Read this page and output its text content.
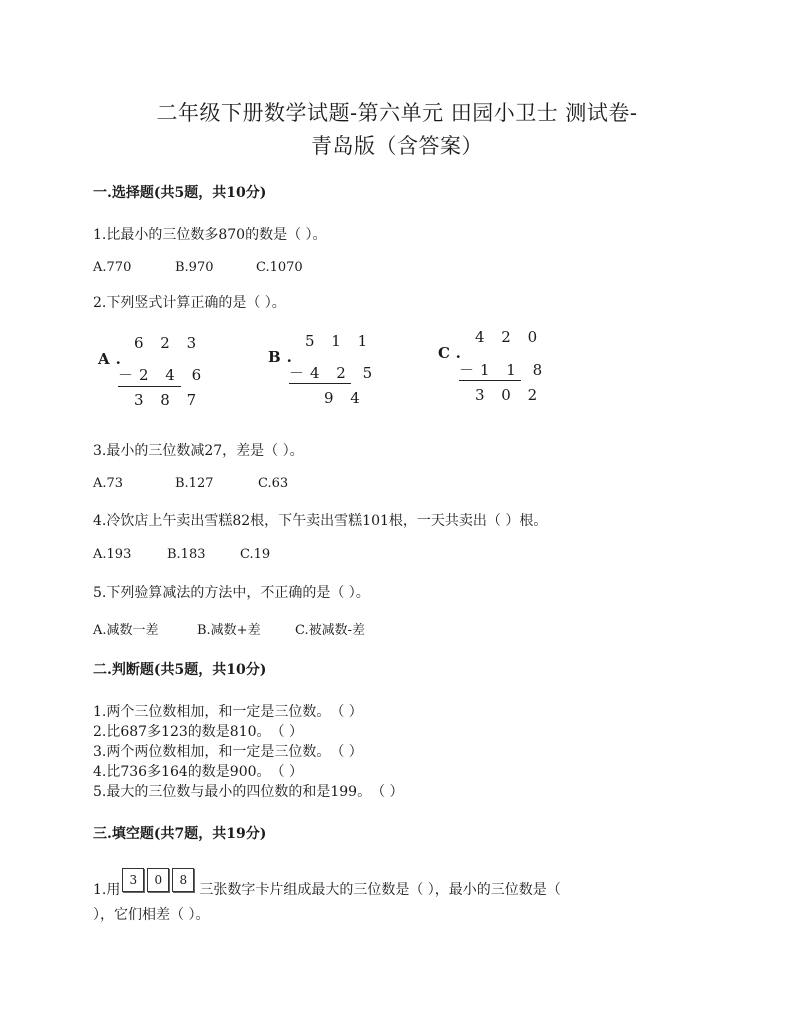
二年级下册数学试题-第六单元 田园小卫士 测试卷-
青岛版（含答案）
一.选择题(共5题，共10分)
1.比最小的三位数多870的数是（ ）。
A.770	B.970	C.1070
2.下列竖式计算正确的是（ ）。
A.
6 2 3
－2 4 6
3 8 7
B.
5 1 1
－4 2 5
9 4
C.
4 2 0
－1 1 8
3 0 2
3.最小的三位数减27，差是（ ）。
A.73	B.127	C.63
4.冷饮店上午卖出雪糕82根，下午卖出雪糕101根，一天共卖出（ ）根。
A.193	B.183	C.19
5.下列验算减法的方法中，不正确的是（ ）。
A.减数一差	B.减数+差	C.被减数-差
二.判断题(共5题，共10分)
1.两个三位数相加，和一定是三位数。　（ ）
2.比687多123的数是810。　（ ）
3.两个两位数相加，和一定是三位数。　（ ）
4.比736多164的数是900。　（ ）
5.最大的三位数与最小的四位数的和是199。　（ ）
三.填空题(共7题，共19分)
1.用
3	0	8
三张数字卡片组成最大的三位数是（ ），最小的三位数是（
），它们相差（ ）。
